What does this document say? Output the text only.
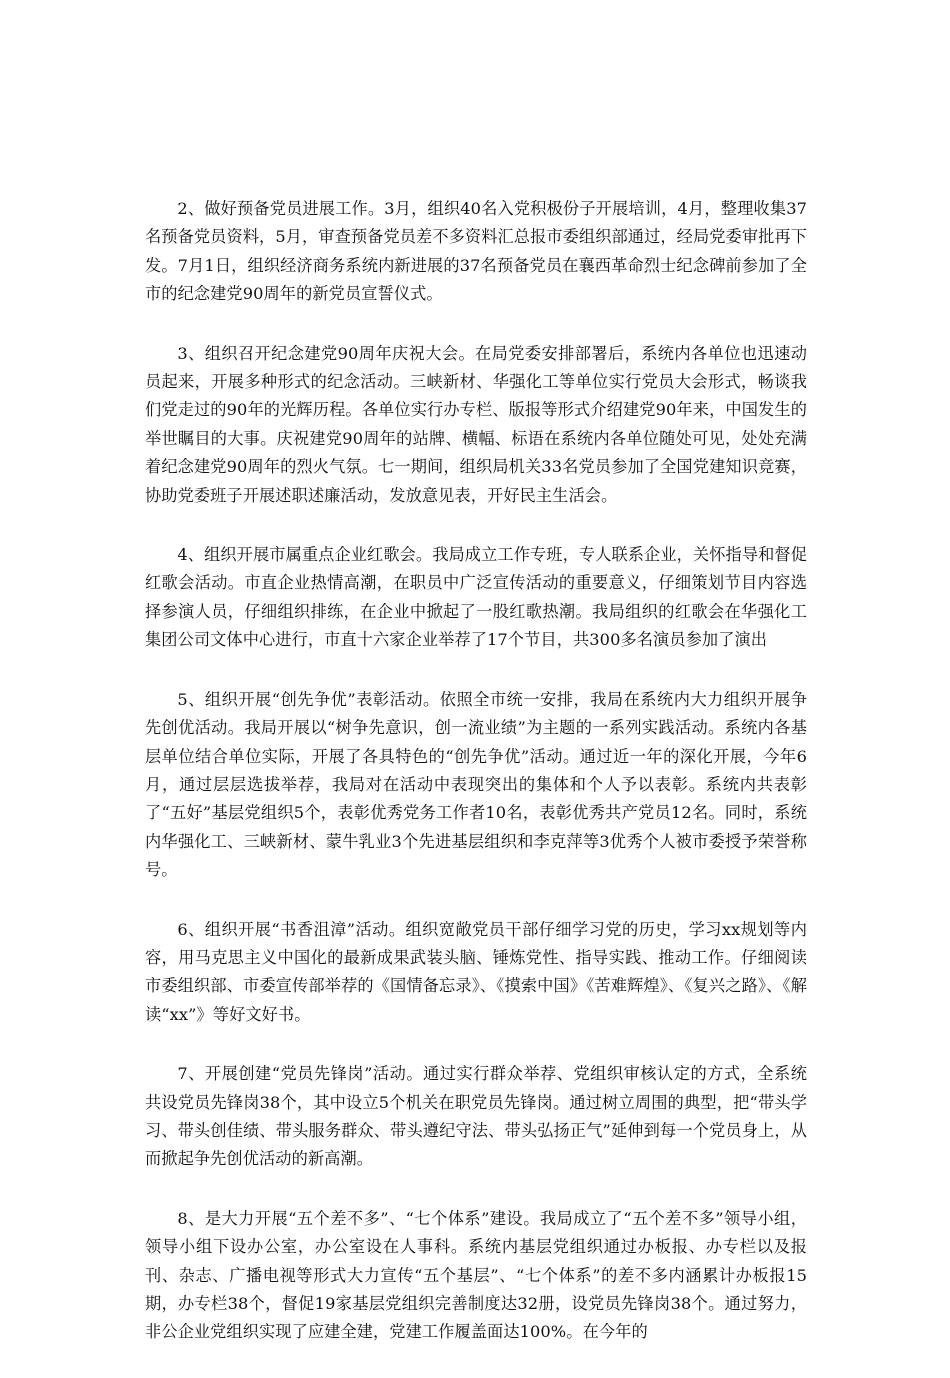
2、做好预备党员进展工作。3月，组织40名入党积极份子开展培训，4月，整理收集37名预备党员资料，5月，审查预备党员差不多资料汇总报市委组织部通过，经局党委审批再下发。7月1日，组织经济商务系统内新进展的37名预备党员在襄西革命烈士纪念碑前参加了全市的纪念建党90周年的新党员宣誓仪式。

3、组织召开纪念建党90周年庆祝大会。在局党委安排部署后，系统内各单位也迅速动员起来，开展多种形式的纪念活动。三峡新材、华强化工等单位实行党员大会形式，畅谈我们党走过的90年的光辉历程。各单位实行办专栏、版报等形式介绍建党90年来，中国发生的举世瞩目的大事。庆祝建党90周年的站牌、横幅、标语在系统内各单位随处可见，处处充满着纪念建党90周年的烈火气氛。七一期间，组织局机关33名党员参加了全国党建知识竞赛，协助党委班子开展述职述廉活动，发放意见表，开好民主生活会。

4、组织开展市属重点企业红歌会。我局成立工作专班，专人联系企业，关怀指导和督促红歌会活动。市直企业热情高潮，在职员中广泛宣传活动的重要意义，仔细策划节目内容选择参演人员，仔细组织排练，在企业中掀起了一股红歌热潮。我局组织的红歌会在华强化工集团公司文体中心进行，市直十六家企业举荐了17个节目，共300多名演员参加了演出

5、组织开展“创先争优”表彰活动。依照全市统一安排，我局在系统内大力组织开展争先创优活动。我局开展以“树争先意识，创一流业绩”为主题的一系列实践活动。系统内各基层单位结合单位实际，开展了各具特色的“创先争优”活动。通过近一年的深化开展，今年6月，通过层层选拔举荐，我局对在活动中表现突出的集体和个人予以表彰。系统内共表彰了“五好”基层党组织5个，表彰优秀党务工作者10名，表彰优秀共产党员12名。同时，系统内华强化工、三峡新材、蒙牛乳业3个先进基层组织和李克萍等3优秀个人被市委授予荣誉称号。

6、组织开展“书香沮漳”活动。组织宽敞党员干部仔细学习党的历史，学习xx规划等内容，用马克思主义中国化的最新成果武装头脑、锤炼党性、指导实践、推动工作。仔细阅读市委组织部、市委宣传部举荐的《国情备忘录》、《摸索中国》《苦难辉煌》、《复兴之路》、《解读“xx”》等好文好书。

7、开展创建“党员先锋岗”活动。通过实行群众举荐、党组织审核认定的方式，全系统共设党员先锋岗38个，其中设立5个机关在职党员先锋岗。通过树立周围的典型，把“带头学习、带头创佳绩、带头服务群众、带头遵纪守法、带头弘扬正气”延伸到每一个党员身上，从而掀起争先创优活动的新高潮。

8、是大力开展“五个差不多”、“七个体系”建设。我局成立了“五个差不多”领导小组，领导小组下设办公室，办公室设在人事科。系统内基层党组织通过办板报、办专栏以及报刊、杂志、广播电视等形式大力宣传“五个基层”、“七个体系”的差不多内涵累计办板报15期，办专栏38个，督促19家基层党组织完善制度达32册，设党员先锋岗38个。通过努力，非公企业党组织实现了应建全建，党建工作履盖面达100%。在今年的
